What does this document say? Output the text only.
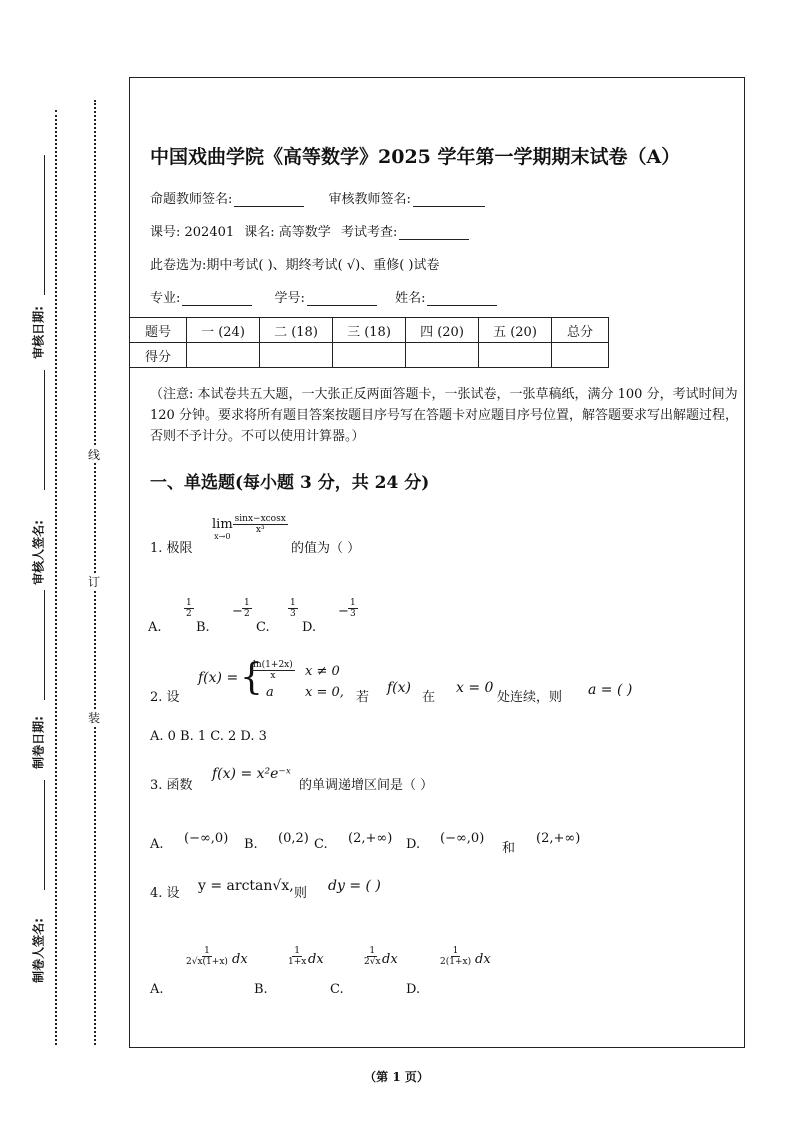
审核日期:
审核人签名:
制卷日期:
制卷人签名:
线
订
装
中国戏曲学院《高等数学》2025 学年第一学期期末试卷（A）
命题教师签名:	审核教师签名:
课号: 202401 课名: 高等数学 考试考查:
此卷选为:期中考试( )、期终考试( √)、重修( )试卷
专业:	学号:	姓名:
题号	一 (24)	二 (18)	三 (18)	四 (20)	五 (20)	总分
得分						
（注意: 本试卷共五大题，一大张正反两面答题卡，一张试卷，一张草稿纸，满分 100 分，考试时间为 120 分钟。要求将所有题目答案按题目序号写在答题卡对应题目序号位置，解答题要求写出解题过程，否则不予计分。不可以使用计算器。）
一、单选题(每小题 3 分，共 24 分)
1. 极限
lim
x→0
$\frac{\sin x-xcosx}{\text{x³}}$
的值为（ ）
A.
$\frac{1}{2}$
B.
− $\frac{1}{2}$
C.
$\frac{1}{3}$
D.
− $\frac{1}{3}$
2. 设
f(x) = {
$\frac{\ln(1+2x)}{x}$ x ≠ 0
a x = 0, 若
f(x)
在
x = 0
处连续，则 a = ( )
A. 0 B. 1 C. 2 D. 3
3. 函数
f(x) = x²e⁻ˣ
的单调递增区间是（ ）
A. (−∞,0) B. (0,2) C. (2,+∞) D. (−∞,0)
和
(2,+∞)
4. 设 y = arctan√x, 则 dy = ( )
$\frac{1}{2√x(1+x)}$ dx	$\frac{1}{1+x}$ dx	$\frac{1}{2√x}$ dx	$\frac{1}{2(1+x)}$ dx
A.	B.	C.	D.
（第 1 页）
